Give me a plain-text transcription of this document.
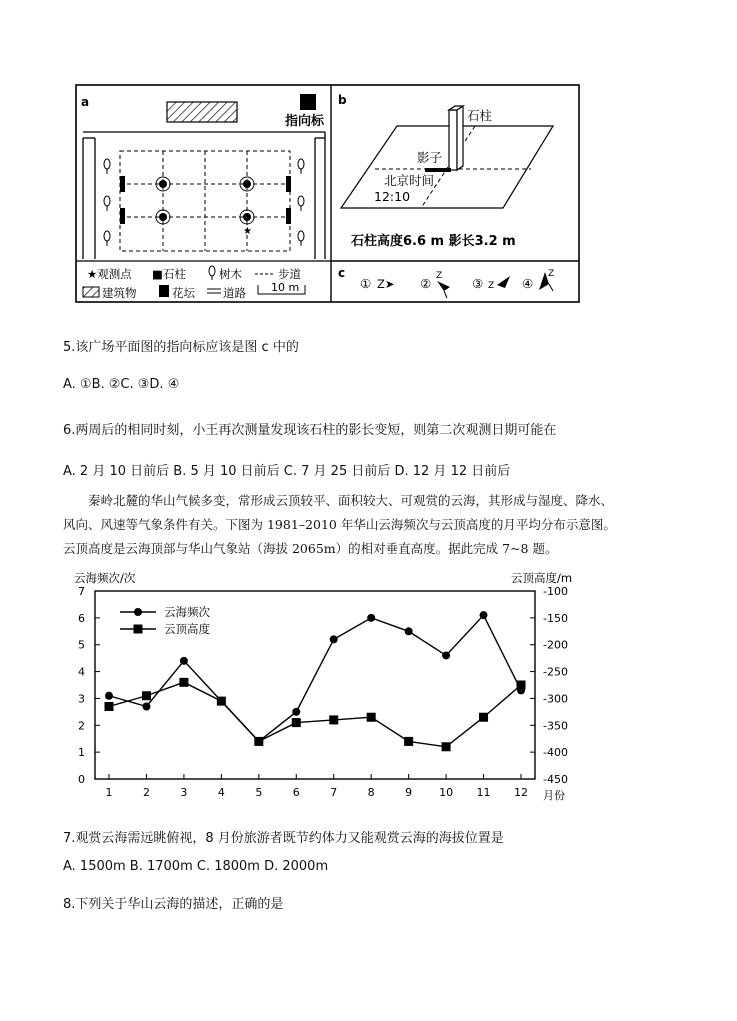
a
指向标
★
★观测点 ■石柱	树木	步道
建筑物	花坛 道路 10 m
b
石柱
影子
北京时间
12:10
石柱高度6.6 m 影长3.2 m
c
① Z➤ ② Z ③ Z ④
Z
5.该广场平面图的指向标应该是图 c 中的
A. ①B. ②C. ③D. ④
6.两周后的相同时刻，小王再次测量发现该石柱的影长变短，则第二次观测日期可能在
A. 2 月 10 日前后 B. 5 月 10 日前后 C. 7 月 25 日前后 D. 12 月 12 日前后

秦岭北麓的华山气候多变，常形成云顶较平、面积较大、可观赏的云海，其形成与湿度、降水、

风向、风速等气象条件有关。下图为 1981–2010 年华山云海频次与云顶高度的月平均分布示意图。

云顶高度是云海顶部与华山气象站（海拔 2065m）的相对垂直高度。据此完成 7~8 题。

云海频次/次	云顶高度/m
月份
0
1
2
3
4
5
6
7	-100
-150
-200
-250
-300
-350
-400
-450
1	2	3	4	5	6	7	8	9 10 11 12
云海频次
云顶高度
7.观赏云海需远眺俯视，8 月份旅游者既节约体力又能观赏云海的海拔位置是
A. 1500m B. 1700m C. 1800m D. 2000m
8.下列关于华山云海的描述，正确的是
